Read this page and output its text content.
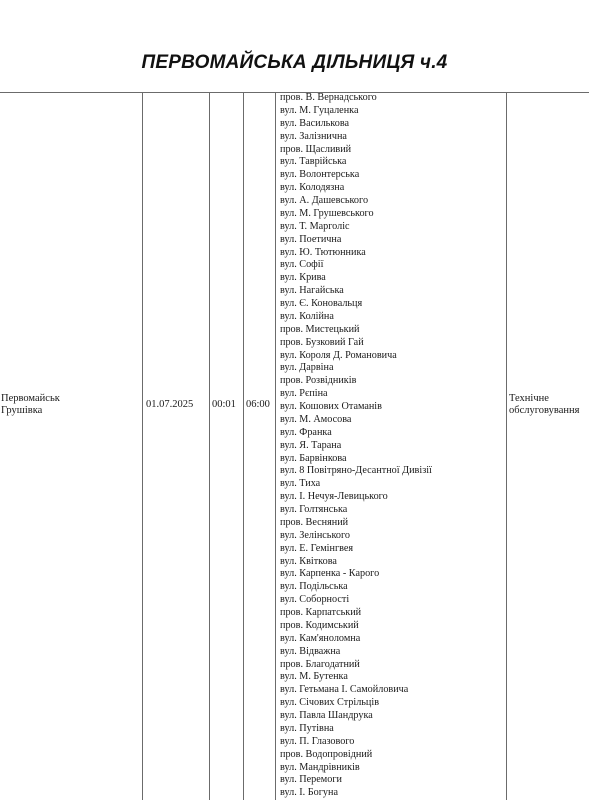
ПЕРВОМАЙСЬКА ДІЛЬНИЦЯ ч.4
Первомайськ
Грушівка
01.07.2025 00:01 06:00
Технічне
обслуговування
пров. В. Вернадського
вул. М. Гуцаленка
вул. Василькова
вул. Залізнична
пров. Щасливий
вул. Таврійська
вул. Волонтерська
вул. Колодязна
вул. А. Дашевського
вул. М. Грушевського
вул. Т. Марголіс
вул. Поетична
вул. Ю. Тютюнника
вул. Софії
вул. Крива
вул. Нагайська
вул. Є. Коновальця
вул. Колійна
пров. Мистецький
пров. Бузковий Гай
вул. Короля Д. Романовича
вул. Дарвіна
пров. Розвідників
вул. Рєпіна
вул. Кошових Отаманів
вул. М. Амосова
вул. Франка
вул. Я. Тарана
вул. Барвінкова
вул. 8 Повітряно-Десантної Дивізії
вул. Тиха
вул. І. Нечуя-Левицького
вул. Голтянська
пров. Весняний
вул. Зелінського
вул. Е. Гемінгвея
вул. Квіткова
вул. Карпенка - Карого
вул. Подільська
вул. Соборності
пров. Карпатський
пров. Кодимський
вул. Кам'яноломна
вул. Відважна
пров. Благодатний
вул. М. Бутенка
вул. Гетьмана І. Самойловича
вул. Січових Стрільців
вул. Павла Шандрука
вул. Путівна
вул. П. Глазового
пров. Водопровідний
вул. Мандрівників
вул. Перемоги
вул. І. Богуна
